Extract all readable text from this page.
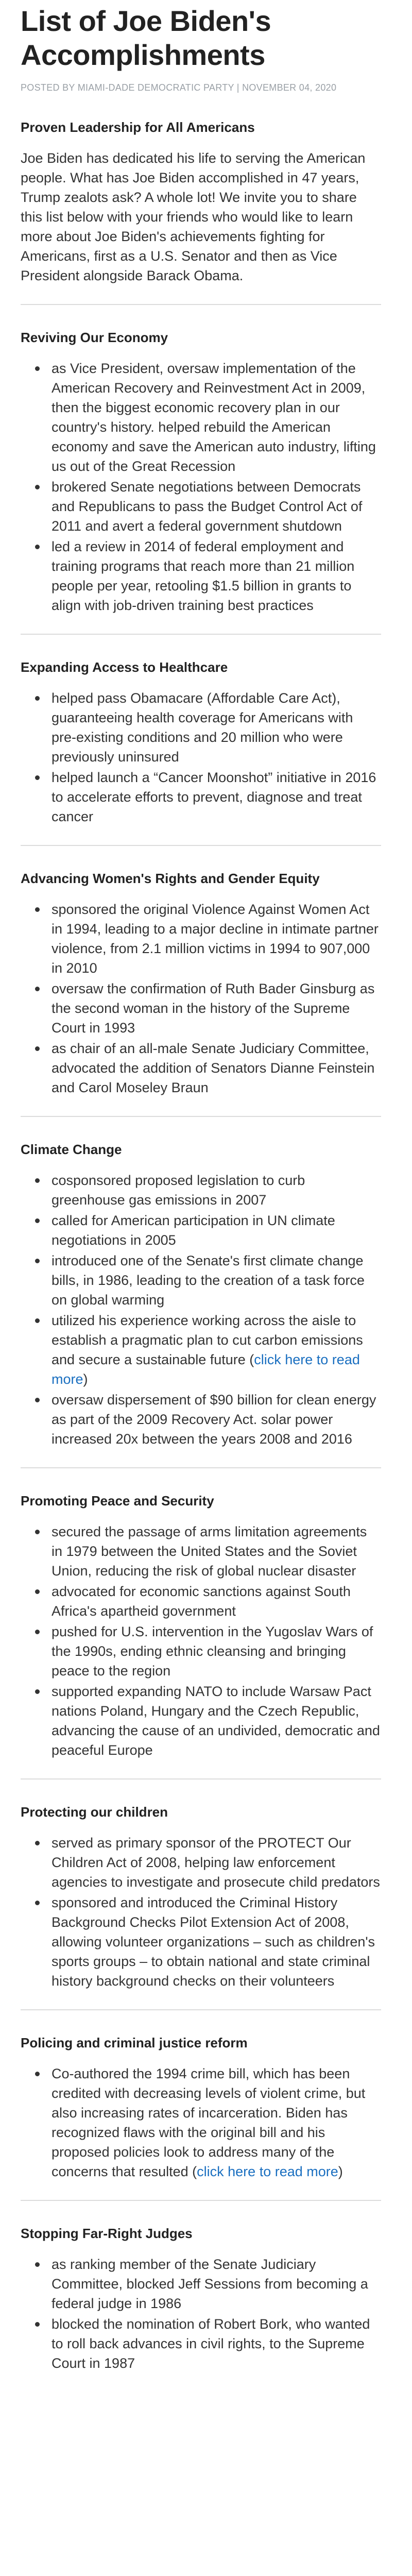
List of Joe Biden's Accomplishments
POSTED BY MIAMI-DADE DEMOCRATIC PARTY | NOVEMBER 04, 2020
Proven Leadership for All Americans

Joe Biden has dedicated his life to serving the American people. What has Joe Biden accomplished in 47 years, Trump zealots ask? A whole lot! We invite you to share this list below with your friends who would like to learn more about Joe Biden's achievements fighting for Americans, first as a U.S. Senator and then as Vice President alongside Barack Obama.

Reviving Our Economy
as Vice President, oversaw implementation of the American Recovery and Reinvestment Act in 2009, then the biggest economic recovery plan in our country's history. helped rebuild the American economy and save the American auto industry, lifting us out of the Great Recession
brokered Senate negotiations between Democrats and Republicans to pass the Budget Control Act of 2011 and avert a federal government shutdown
led a review in 2014 of federal employment and training programs that reach more than 21 million people per year, retooling $1.5 billion in grants to align with job-driven training best practices
Expanding Access to Healthcare
helped pass Obamacare (Affordable Care Act), guaranteeing health coverage for Americans with pre-existing conditions and 20 million who were previously uninsured
helped launch a “Cancer Moonshot” initiative in 2016 to accelerate efforts to prevent, diagnose and treat cancer
Advancing Women's Rights and Gender Equity
sponsored the original Violence Against Women Act in 1994, leading to a major decline in intimate partner violence, from 2.1 million victims in 1994 to 907,000 in 2010
oversaw the confirmation of Ruth Bader Ginsburg as the second woman in the history of the Supreme Court in 1993
as chair of an all-male Senate Judiciary Committee, advocated the addition of Senators Dianne Feinstein and Carol Moseley Braun
Climate Change
cosponsored proposed legislation to curb greenhouse gas emissions in 2007
called for American participation in UN climate negotiations in 2005
introduced one of the Senate's first climate change bills, in 1986, leading to the creation of a task force on global warming
utilized his experience working across the aisle to establish a pragmatic plan to cut carbon emissions and secure a sustainable future (click here to read more)
oversaw dispersement of $90 billion for clean energy as part of the 2009 Recovery Act. solar power increased 20x between the years 2008 and 2016
Promoting Peace and Security
secured the passage of arms limitation agreements in 1979 between the United States and the Soviet Union, reducing the risk of global nuclear disaster
advocated for economic sanctions against South Africa's apartheid government
pushed for U.S. intervention in the Yugoslav Wars of the 1990s, ending ethnic cleansing and bringing peace to the region
supported expanding NATO to include Warsaw Pact nations Poland, Hungary and the Czech Republic, advancing the cause of an undivided, democratic and peaceful Europe
Protecting our children
served as primary sponsor of the PROTECT Our Children Act of 2008, helping law enforcement agencies to investigate and prosecute child predators
sponsored and introduced the Criminal History Background Checks Pilot Extension Act of 2008, allowing volunteer organizations – such as children's sports groups – to obtain national and state criminal history background checks on their volunteers
Policing and criminal justice reform
Co-authored the 1994 crime bill, which has been credited with decreasing levels of violent crime, but also increasing rates of incarceration. Biden has recognized flaws with the original bill and his proposed policies look to address many of the concerns that resulted (click here to read more)
Stopping Far-Right Judges
as ranking member of the Senate Judiciary Committee, blocked Jeff Sessions from becoming a federal judge in 1986
blocked the nomination of Robert Bork, who wanted to roll back advances in civil rights, to the Supreme Court in 1987
